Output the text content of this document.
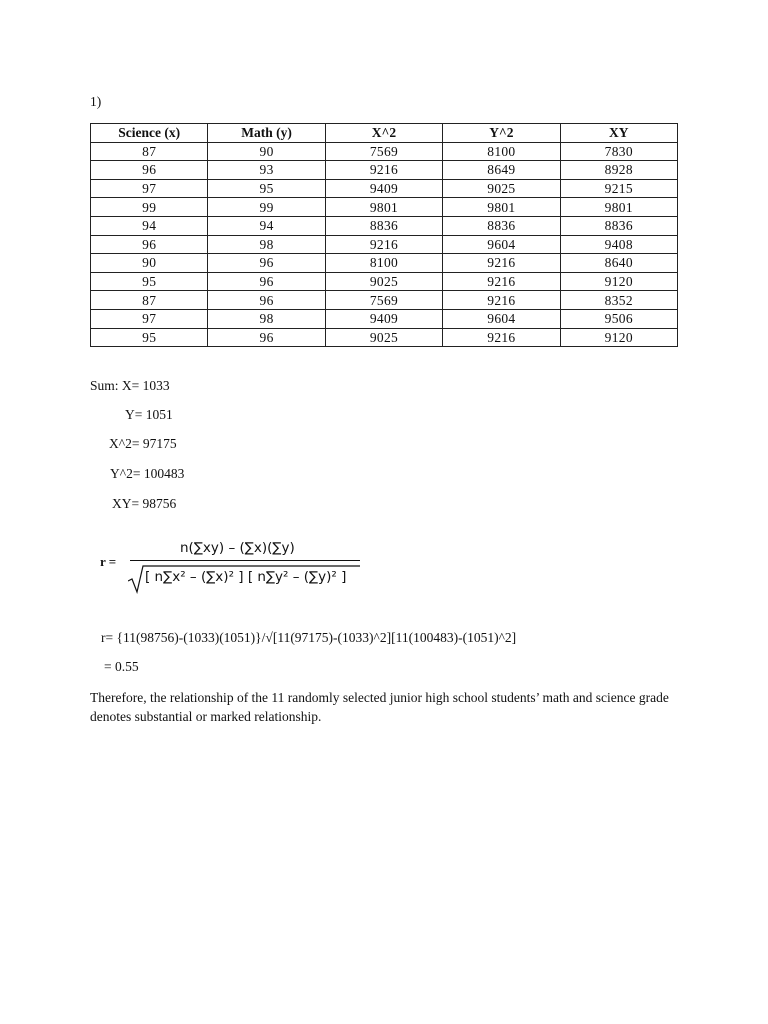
1)
Science (x)	Math (y)	X^2	Y^2	XY
87	90	7569	8100	7830
96	93	9216	8649	8928
97	95	9409	9025	9215
99	99	9801	9801	9801
94	94	8836	8836	8836
96	98	9216	9604	9408
90	96	8100	9216	8640
95	96	9025	9216	9120
87	96	7569	9216	8352
97	98	9409	9604	9506
95	96	9025	9216	9120
Sum: X= 1033
Y= 1051
X^2= 97175
Y^2= 100483
XY= 98756
r =
n(∑xy) – (∑x)(∑y)
[ n∑x² – (∑x)² ] [ n∑y² – (∑y)² ]
r= {11(98756)-(1033)(1051)}/√[11(97175)-(1033)^2][11(100483)-(1051)^2]
= 0.55
Therefore, the relationship of the 11 randomly selected junior high school students’ math and science grade denotes substantial or marked relationship.
